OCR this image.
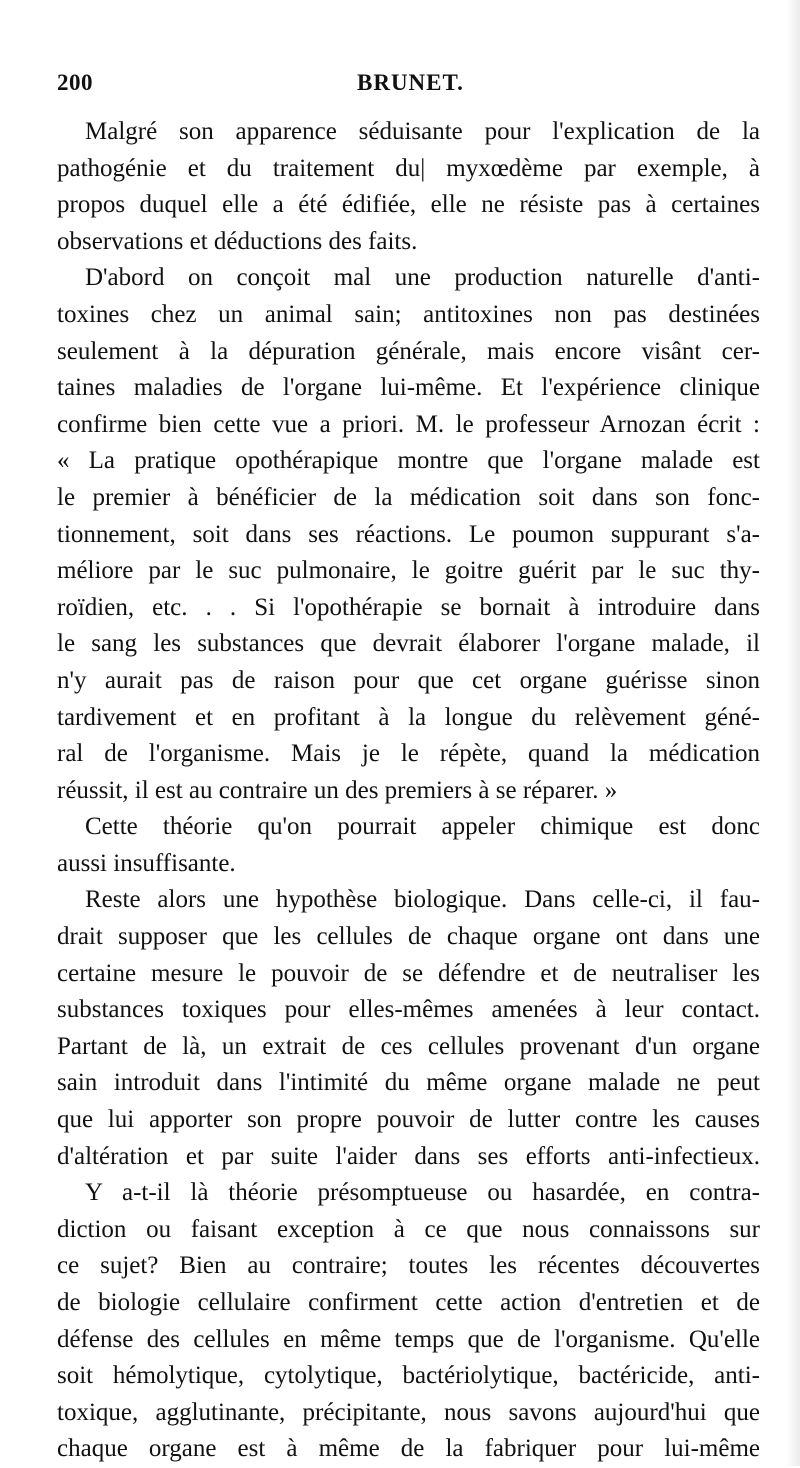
200	BRUNET.

Malgré son apparence séduisante pour l'explication de la
pathogénie et du traitement du| myxœdème par exemple, à
propos duquel elle a été édifiée, elle ne résiste pas à certaines
observations et déductions des faits.

D'abord on conçoit mal une production naturelle d'anti-
toxines chez un animal sain; antitoxines non pas destinées
seulement à la dépuration générale, mais encore visânt cer-
taines maladies de l'organe lui-même. Et l'expérience clinique
confirme bien cette vue a priori. M. le professeur Arnozan écrit :
« La pratique opothérapique montre que l'organe malade est
le premier à bénéficier de la médication soit dans son fonc-
tionnement, soit dans ses réactions. Le poumon suppurant s'a-
méliore par le suc pulmonaire, le goitre guérit par le suc thy-
roïdien, etc. . . Si l'opothérapie se bornait à introduire dans
le sang les substances que devrait élaborer l'organe malade, il
n'y aurait pas de raison pour que cet organe guérisse sinon
tardivement et en profitant à la longue du relèvement géné-
ral de l'organisme. Mais je le répète, quand la médication
réussit, il est au contraire un des premiers à se réparer. »

Cette théorie qu'on pourrait appeler chimique est donc
aussi insuffisante.

Reste alors une hypothèse biologique. Dans celle-ci, il fau-
drait supposer que les cellules de chaque organe ont dans une
certaine mesure le pouvoir de se défendre et de neutraliser les
substances toxiques pour elles-mêmes amenées à leur contact.
Partant de là, un extrait de ces cellules provenant d'un organe
sain introduit dans l'intimité du même organe malade ne peut
que lui apporter son propre pouvoir de lutter contre les causes
d'altération et par suite l'aider dans ses efforts anti-infectieux.
Y a-t-il là théorie présomptueuse ou hasardée, en contra-
diction ou faisant exception à ce que nous connaissons sur
ce sujet? Bien au contraire; toutes les récentes découvertes
de biologie cellulaire confirment cette action d'entretien et de
défense des cellules en même temps que de l'organisme. Qu'elle
soit hémolytique, cytolytique, bactériolytique, bactéricide, anti-
toxique, agglutinante, précipitante, nous savons aujourd'hui que
chaque organe est à même de la fabriquer pour lui-même
